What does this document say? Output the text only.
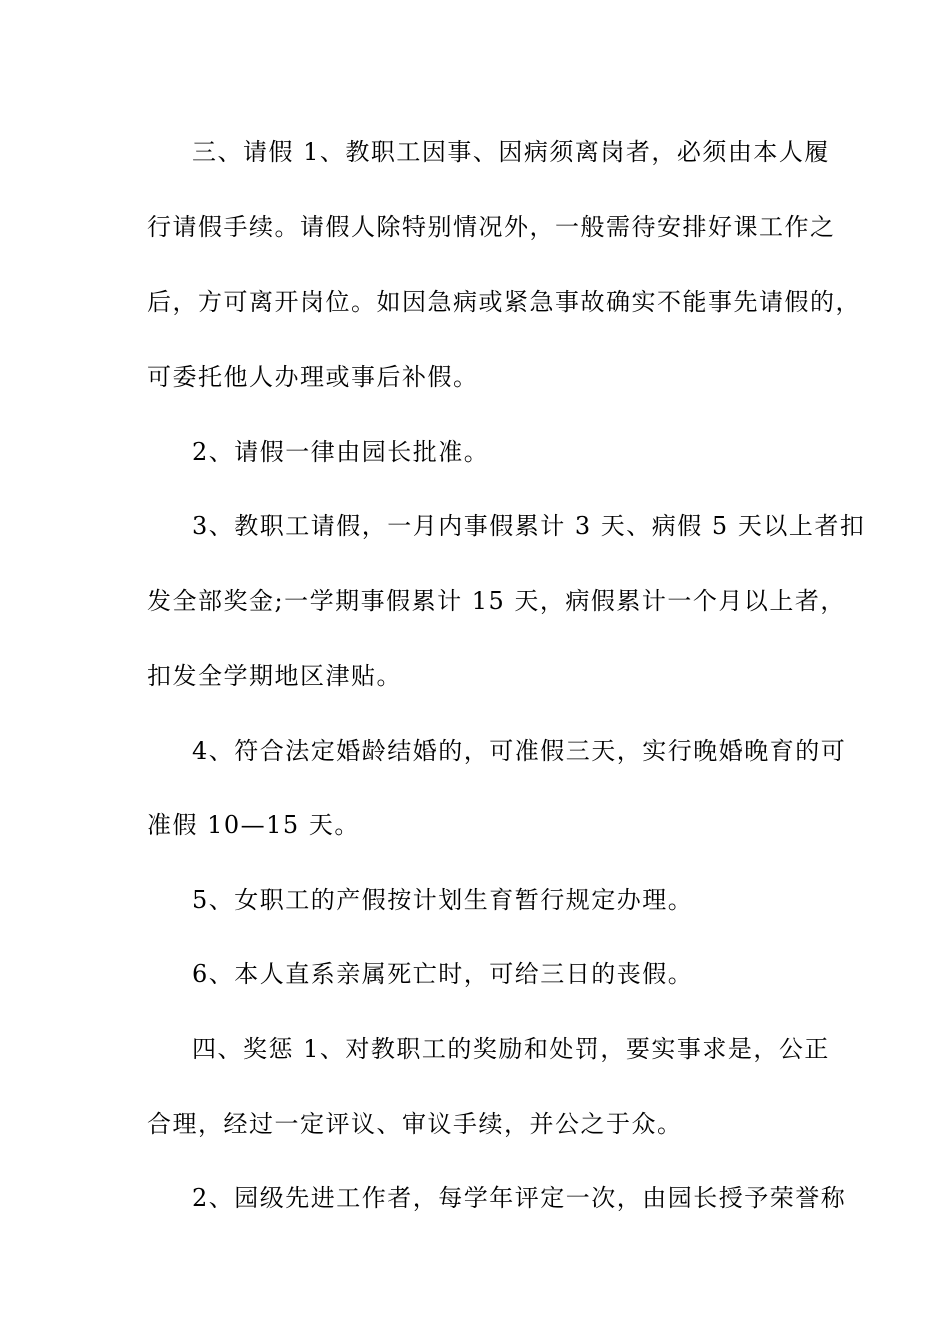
三、请假 1、教职工因事、因病须离岗者，必须由本人履
行请假手续。请假人除特别情况外，一般需待安排好课工作之
后，方可离开岗位。如因急病或紧急事故确实不能事先请假的，
可委托他人办理或事后补假。
2、请假一律由园长批准。
3、教职工请假，一月内事假累计 3 天、病假 5 天以上者扣
发全部奖金;一学期事假累计 15 天，病假累计一个月以上者，
扣发全学期地区津贴。
4、符合法定婚龄结婚的，可准假三天，实行晚婚晚育的可
准假 10—15 天。
5、女职工的产假按计划生育暂行规定办理。
6、本人直系亲属死亡时，可给三日的丧假。
四、奖惩 1、对教职工的奖励和处罚，要实事求是，公正
合理，经过一定评议、审议手续，并公之于众。
2、园级先进工作者，每学年评定一次，由园长授予荣誉称
